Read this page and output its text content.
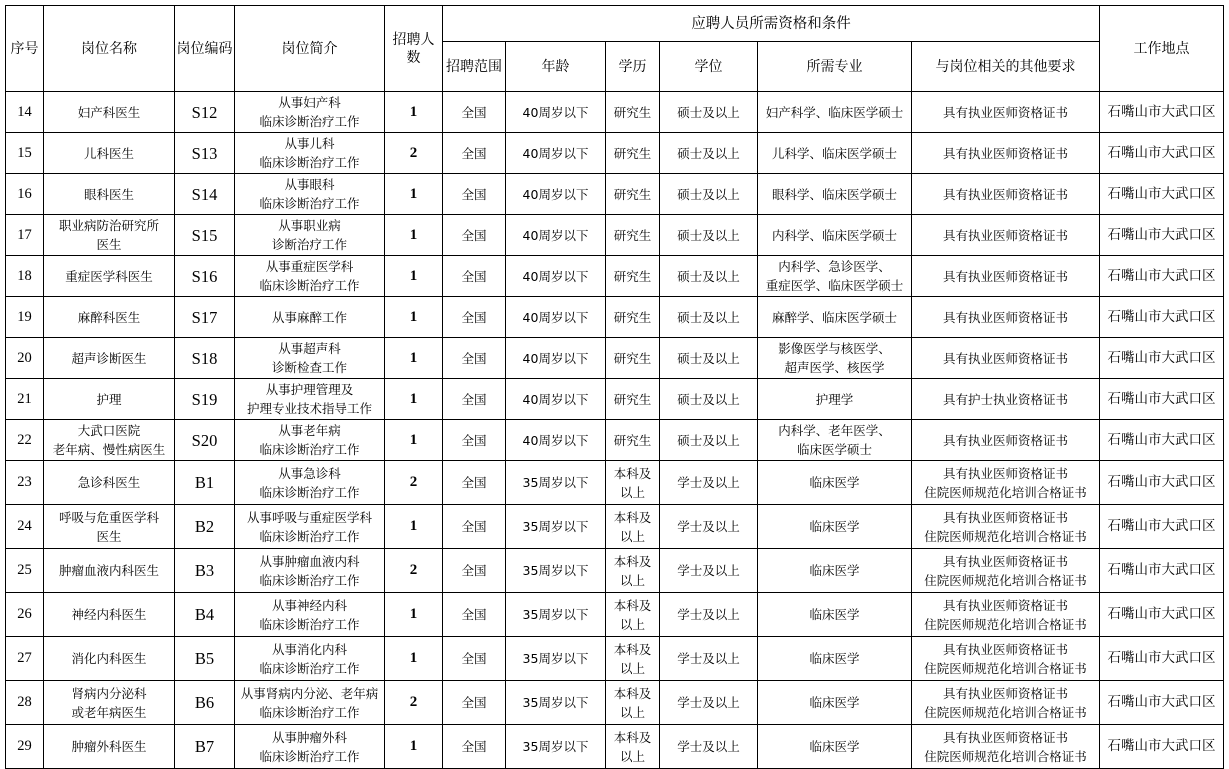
序号	岗位名称	岗位编码	岗位简介	招聘人数	应聘人员所需资格和条件						工作地点
					招聘范围	年龄	学历	学位	所需专业	与岗位相关的其他要求	
14	妇产科医生	S12	从事妇产科
临床诊断治疗工作	1	全国	40周岁以下	研究生	硕士及以上	妇产科学、临床医学硕士	具有执业医师资格证书	石嘴山市大武口区
15	儿科医生	S13	从事儿科
临床诊断治疗工作	2	全国	40周岁以下	研究生	硕士及以上	儿科学、临床医学硕士	具有执业医师资格证书	石嘴山市大武口区
16	眼科医生	S14	从事眼科
临床诊断治疗工作	1	全国	40周岁以下	研究生	硕士及以上	眼科学、临床医学硕士	具有执业医师资格证书	石嘴山市大武口区
17	职业病防治研究所
医生	S15	从事职业病
诊断治疗工作	1	全国	40周岁以下	研究生	硕士及以上	内科学、临床医学硕士	具有执业医师资格证书	石嘴山市大武口区
18	重症医学科医生	S16	从事重症医学科
临床诊断治疗工作	1	全国	40周岁以下	研究生	硕士及以上	内科学、急诊医学、
重症医学、临床医学硕士	具有执业医师资格证书	石嘴山市大武口区
19	麻醉科医生	S17	从事麻醉工作	1	全国	40周岁以下	研究生	硕士及以上	麻醉学、临床医学硕士	具有执业医师资格证书	石嘴山市大武口区
20	超声诊断医生	S18	从事超声科
诊断检查工作	1	全国	40周岁以下	研究生	硕士及以上	影像医学与核医学、
超声医学、核医学	具有执业医师资格证书	石嘴山市大武口区
21	护理	S19	从事护理管理及
护理专业技术指导工作	1	全国	40周岁以下	研究生	硕士及以上	护理学	具有护士执业资格证书	石嘴山市大武口区
22	大武口医院
老年病、慢性病医生	S20	从事老年病
临床诊断治疗工作	1	全国	40周岁以下	研究生	硕士及以上	内科学、老年医学、
临床医学硕士	具有执业医师资格证书	石嘴山市大武口区
23	急诊科医生	B1	从事急诊科
临床诊断治疗工作	2	全国	35周岁以下	本科及
以上	学士及以上	临床医学	具有执业医师资格证书
住院医师规范化培训合格证书	石嘴山市大武口区
24	呼吸与危重医学科
医生	B2	从事呼吸与重症医学科
临床诊断治疗工作	1	全国	35周岁以下	本科及
以上	学士及以上	临床医学	具有执业医师资格证书
住院医师规范化培训合格证书	石嘴山市大武口区
25	肿瘤血液内科医生	B3	从事肿瘤血液内科
临床诊断治疗工作	2	全国	35周岁以下	本科及
以上	学士及以上	临床医学	具有执业医师资格证书
住院医师规范化培训合格证书	石嘴山市大武口区
26	神经内科医生	B4	从事神经内科
临床诊断治疗工作	1	全国	35周岁以下	本科及
以上	学士及以上	临床医学	具有执业医师资格证书
住院医师规范化培训合格证书	石嘴山市大武口区
27	消化内科医生	B5	从事消化内科
临床诊断治疗工作	1	全国	35周岁以下	本科及
以上	学士及以上	临床医学	具有执业医师资格证书
住院医师规范化培训合格证书	石嘴山市大武口区
28	肾病内分泌科
或老年病医生	B6	从事肾病内分泌、老年病
临床诊断治疗工作	2	全国	35周岁以下	本科及
以上	学士及以上	临床医学	具有执业医师资格证书
住院医师规范化培训合格证书	石嘴山市大武口区
29	肿瘤外科医生	B7	从事肿瘤外科
临床诊断治疗工作	1	全国	35周岁以下	本科及
以上	学士及以上	临床医学	具有执业医师资格证书
住院医师规范化培训合格证书	石嘴山市大武口区
